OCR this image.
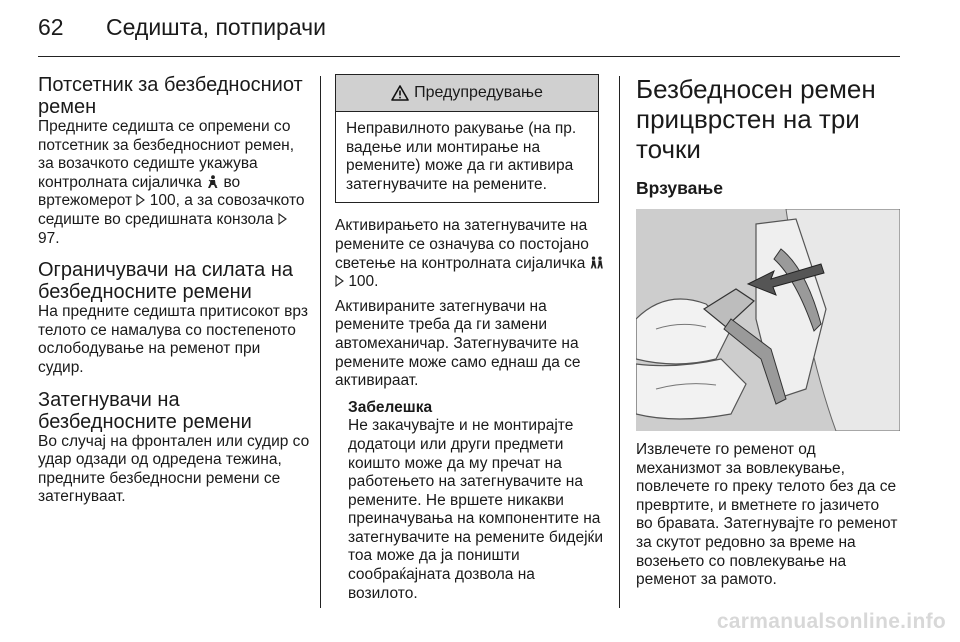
62 Седишта, потпирачи
Потсетник за безбедносниот ремен

Предните седишта се опремени со потсетник за безбедносниот ремен, за возачкото седиште укажува контролната сијаличка во вртежомерот 100, а за совозачкото седиште во средишната конзола  97.

Ограничувачи на силата на безбедносните ремени

На предните седишта притисокот врз телото се намалува со постепеното ослободување на ременот при судир.

Затегнувачи на безбедносните ремени

Во случај на фронтален или судир со удар одзади од одредена тежина, предните безбедносни ремени се затегнуваат.

Предупредување
Неправилното ракување (на пр. вадење или монтирање на ремените) може да ги активира затегнувачите на ремените.

Активирањето на затегнувачите на ремените се означува со постојано светење на контролната сијаличка   100.

Активираните затегнувачи на ремените треба да ги замени автомеханичар. Затегнувачите на ремените може само еднаш да се активираат.

Забелешка

Не закачувајте и не монтирајте додатоци или други предмети коишто може да му пречат на работењето на затегнувачите на ремените. Не вршете никакви преиначувања на компонентите на затегнувачите на ремените бидејќи тоа може да ја поништи сообраќајната дозвола на возилото.

Безбедносен ремен прицврстен на три точки
Врзување

Извлечете го ременот од механизмот за вовлекување, повлечете го преку телото без да се превртите, и вметнете го јазичето во бравата. Затегнувајте го ременот за скутот редовно за време на возењето со повлекување на ременот за рамото.

carmanualsonline.info
